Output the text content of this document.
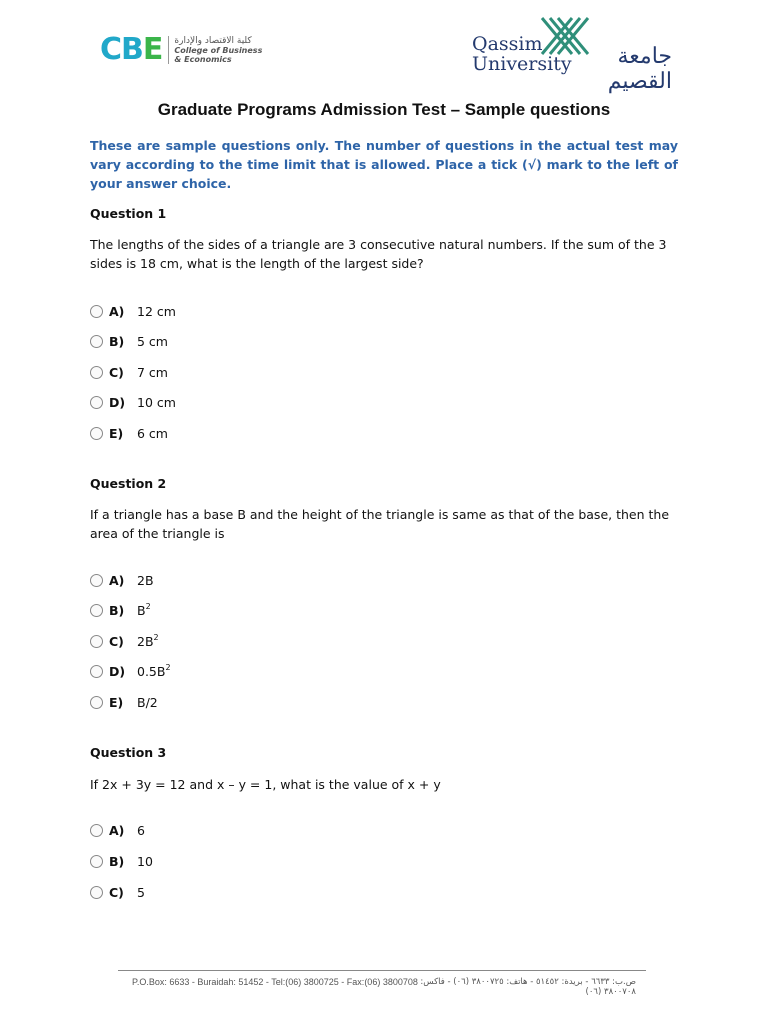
CBE كلية الاقتصاد والإدارة
College of Business
& Economics
Qassim
University	جامعة القصيم
Graduate Programs Admission Test – Sample questions
These are sample questions only. The number of questions in the actual test may vary according to the time limit that is allowed. Place a tick (√) mark to the left of your answer choice.
Question 1
The lengths of the sides of a triangle are 3 consecutive natural numbers. If the sum of the 3 sides is 18 cm, what is the length of the largest side?
A)	12 cm
B)	5 cm
C)	7 cm
D) 10 cm
E)	6 cm
Question 2
If a triangle has a base B and the height of the triangle is same as that of the base, then the area of the triangle is
A)	2B
B)	$B^2$
C)	$2B^2$
D) $0.5B^2$
E)	B/2
Question 3
If 2x + 3y = 12 and x – y = 1, what is the value of x + y
A)	6
B)	10
C)	5
P.O.Box: 6633 - Buraidah: 51452 - Tel:(06) 3800725 - Fax:(06) 3800708 ص.ب: ٦٦٣٣ - بريدة: ٥١٤٥٢ - هاتف: ٣٨٠٠٧٢٥ (٠٦) - فاكس: ٣٨٠٠٧٠٨ (٠٦)
